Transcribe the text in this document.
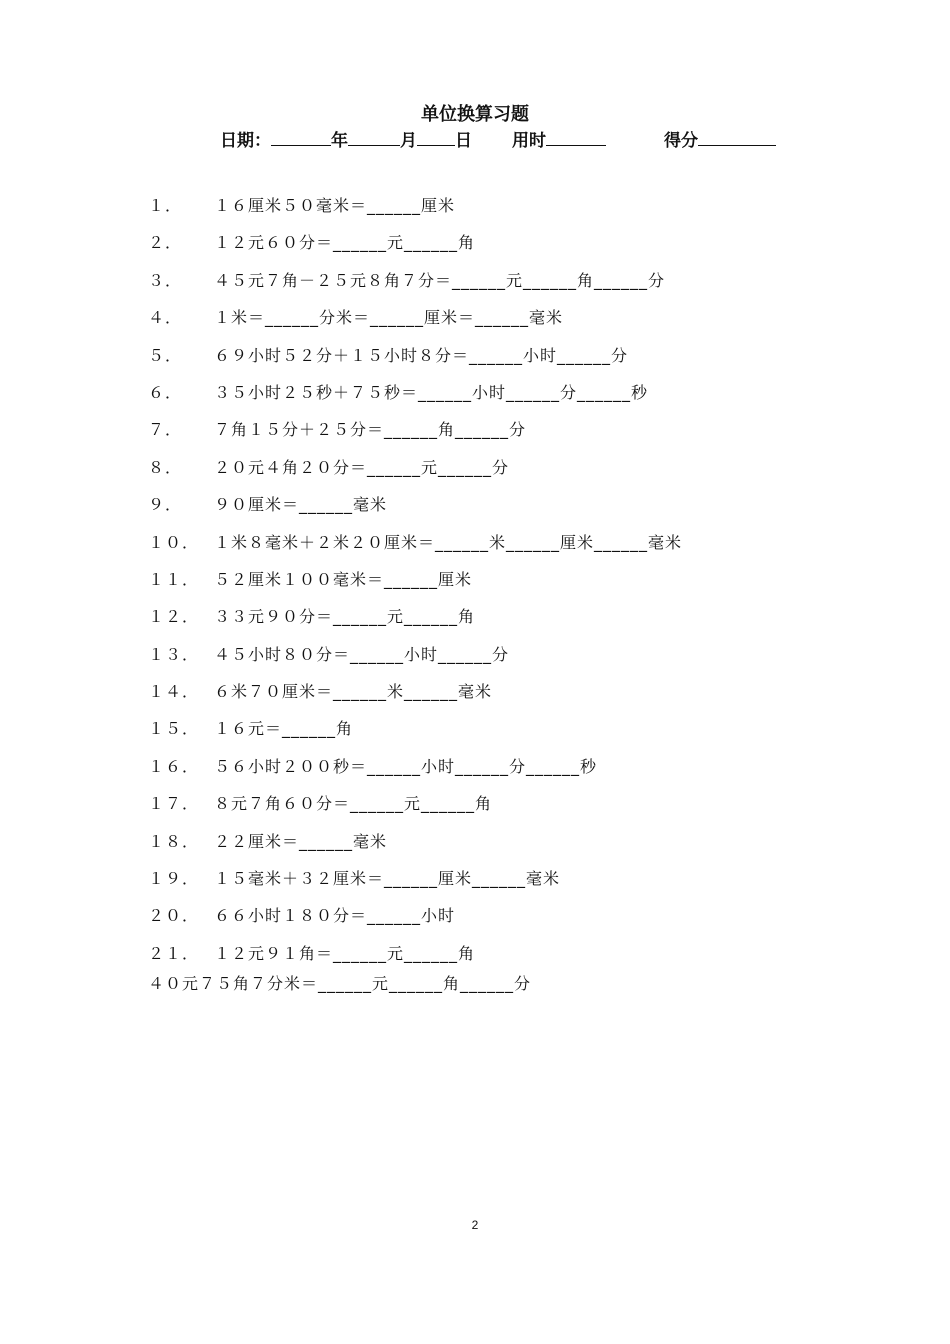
单位换算习题
日期：	年	月 日 用时	得分
１． １６厘米５０毫米＝______厘米
２． １２元６０分＝______元______角
３． ４５元７角－２５元８角７分＝______元______角______分
４． １米＝______分米＝______厘米＝______毫米
５． ６９小时５２分＋１５小时８分＝______小时______分
６． ３５小时２５秒＋７５秒＝______小时______分______秒
７． ７角１５分＋２５分＝______角______分
８． ２０元４角２０分＝______元______分
９． ９０厘米＝______毫米
１０． １米８毫米＋２米２０厘米＝______米______厘米______毫米
１１． ５２厘米１００毫米＝______厘米
１２． ３３元９０分＝______元______角
１３． ４５小时８０分＝______小时______分
１４． ６米７０厘米＝______米______毫米
１５． １６元＝______角
１６． ５６小时２００秒＝______小时______分______秒
１７． ８元７角６０分＝______元______角
１８． ２２厘米＝______毫米
１９． １５毫米＋３２厘米＝______厘米______毫米
２０． ６６小时１８０分＝______小时
２１． １２元９１角＝______元______角
４０元７５角７分米＝______元______角______分
2
